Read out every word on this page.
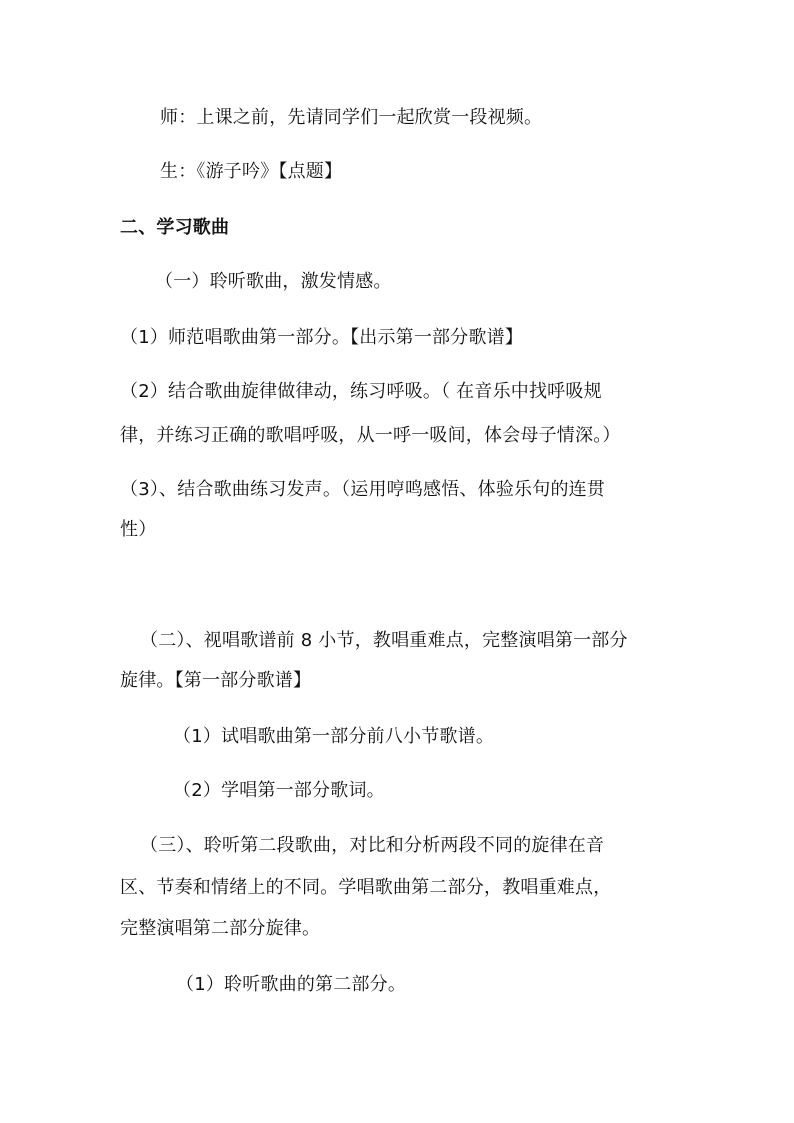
师：上课之前，先请同学们一起欣赏一段视频。
生：《游子吟》【点题】
二、学习歌曲
（一）聆听歌曲，激发情感。
（1）师范唱歌曲第一部分。【出示第一部分歌谱】
（2）结合歌曲旋律做律动，练习呼吸。（ 在音乐中找呼吸规
律，并练习正确的歌唱呼吸，从一呼一吸间，体会母子情深。）
（3）、结合歌曲练习发声。（运用哼鸣感悟、体验乐句的连贯
性）
（二）、视唱歌谱前 8 小节，教唱重难点，完整演唱第一部分
旋律。【第一部分歌谱】
（1）试唱歌曲第一部分前八小节歌谱。
（2）学唱第一部分歌词。
（三）、聆听第二段歌曲，对比和分析两段不同的旋律在音
区、节奏和情绪上的不同。学唱歌曲第二部分，教唱重难点，
完整演唱第二部分旋律。
（1）聆听歌曲的第二部分。
